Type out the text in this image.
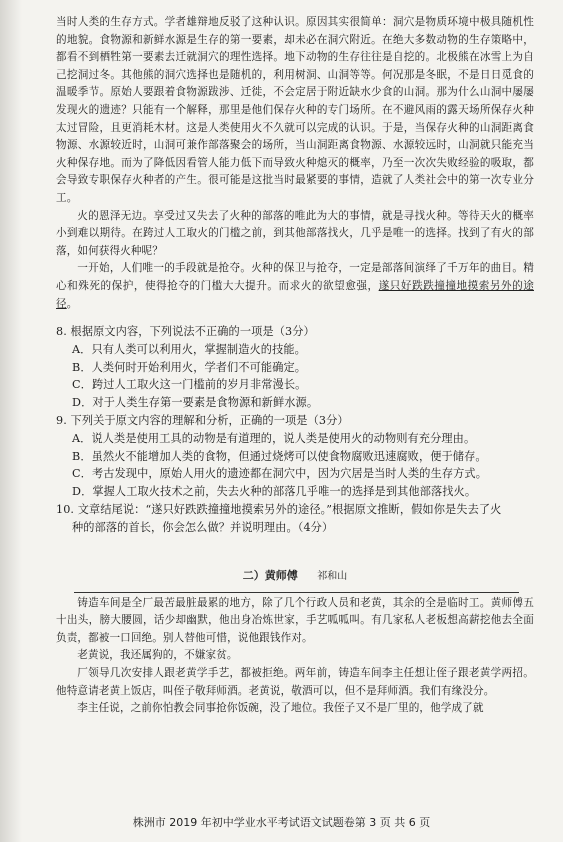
当时人类的生存方式。学者雄辩地反驳了这种认识。原因其实很简单：洞穴是物质环境中极具随机性的地貌。食物源和新鲜水源是生存的第一要素，却未必在洞穴附近。在绝大多数动物的生存策略中，都看不到栖牲第一要素去迁就洞穴的理性选择。地下动物的生存往往是自挖的。北极熊在冰雪上为自己挖洞过冬。其他熊的洞穴选择也是随机的，利用树洞、山洞等等。何况那是冬眠，不是日日觅食的温暖季节。原始人要跟着食物源跋涉、迁徙，不会定居于附近缺水少食的山洞。那为什么山洞中屡屡发现火的遗迹？只能有一个解释，那里是他们保存火种的专门场所。在不避风雨的露天场所保存火种太过冒险，且更消耗木材。这是人类使用火不久就可以完成的认识。于是，当保存火种的山洞距离食物源、水源较近时，山洞可兼作部落聚会的场所，当山洞距离食物源、水源较远时，山洞就只能充当火种保存地。而为了降低因看管人能力低下而导致火种熄灭的概率，乃至一次次失败经验的吸取，都会导致专职保存火种者的产生。很可能是这批当时最紧要的事情，造就了人类社会中的第一次专业分工。

火的恩泽无边。享受过又失去了火种的部落的唯此为大的事情，就是寻找火种。等待天火的概率小到难以期待。在跨过人工取火的门槛之前，到其他部落找火，几乎是唯一的选择。找到了有火的部落，如何获得火种呢？

一开始，人们唯一的手段就是抢夺。火种的保卫与抢夺，一定是部落间演绎了千万年的曲目。精心和殊死的保护，使得抢夺的门槛大大提升。而求火的欲望愈强，遂只好跌跌撞撞地摸索另外的途径。

8. 根据原文内容，下列说法不正确的一项是（3分）

A．只有人类可以利用火，掌握制造火的技能。

B．人类何时开始利用火，学者们不可能确定。

C．跨过人工取火这一门槛前的岁月非常漫长。

D．对于人类生存第一要素是食物源和新鲜水源。

9. 下列关于原文内容的理解和分析，正确的一项是（3分）

A．说人类是使用工具的动物是有道理的，说人类是使用火的动物则有充分理由。

B．虽然火不能增加人类的食物，但通过烧烤可以使食物腐败迅速腐败，便于储存。

C．考古发现中，原始人用火的遗迹都在洞穴中，因为穴居是当时人类的生存方式。

D．掌握人工取火技术之前，失去火种的部落几乎唯一的选择是到其他部落找火。

10. 文章结尾说：“遂只好跌跌撞撞地摸索另外的途径。”根据原文推断，假如你是失去了火

种的部落的首长，你会怎么做？并说明理由。（4分）

二）黄师傅 祁和山

铸造车间是全厂最苦最脏最累的地方，除了几个行政人员和老黄，其余的全是临时工。黄师傅五十出头，膀大腰圆，话少却幽默，他出身冶炼世家，手艺呱呱叫。有几家私人老板想高薪挖他去全面负责，都被一口回绝。别人替他可惜，说他跟钱作对。

老黄说，我还属狗的，不嫌家贫。

厂领导几次安排人跟老黄学手艺，都被拒绝。两年前，铸造车间李主任想让侄子跟老黄学两招。他特意请老黄上饭店，叫侄子敬拜师酒。老黄说，敬酒可以，但不是拜师酒。我们有缘没分。

李主任说，之前你怕教会同事抢你饭碗，没了地位。我侄子又不是厂里的，他学成了就

株洲市 2019 年初中学业水平考试语文试题卷第 3 页 共 6 页
